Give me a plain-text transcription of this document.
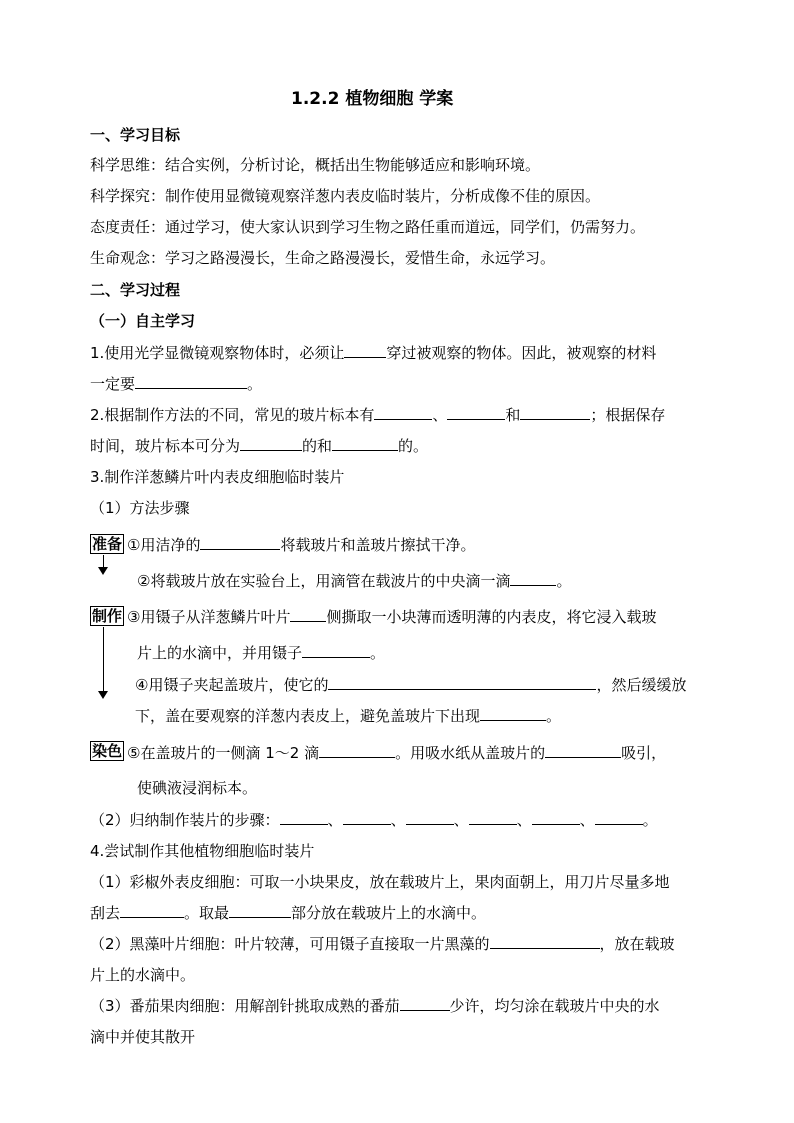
1.2.2 植物细胞 学案
一、学习目标
科学思维：结合实例，分析讨论，概括出生物能够适应和影响环境。
科学探究：制作使用显微镜观察洋葱内表皮临时装片，分析成像不佳的原因。
态度责任：通过学习，使大家认识到学习生物之路任重而道远，同学们，仍需努力。
生命观念：学习之路漫漫长，生命之路漫漫长，爱惜生命，永远学习。
二、学习过程
（一）自主学习
1.使用光学显微镜观察物体时，必须让	穿过被观察的物体。因此，被观察的材料
一定要	。
2.根据制作方法的不同，常见的玻片标本有	、	和	；根据保存
时间，玻片标本可分为	的和	的。
3.制作洋葱鳞片叶内表皮细胞临时装片
（1）方法步骤
准备 ①用洁净的	将载玻片和盖玻片擦拭干净。
②将载玻片放在实验台上，用滴管在载波片的中央滴一滴	。
制作 ③用镊子从洋葱鳞片叶片 侧撕取一小块薄而透明薄的内表皮，将它浸入载玻
片上的水滴中，并用镊子	。
④用镊子夹起盖玻片，使它的	，然后缓缓放
下，盖在要观察的洋葱内表皮上，避免盖玻片下出现	。
染色 ⑤在盖玻片的一侧滴 1～2 滴	。用吸水纸从盖玻片的	吸引，
使碘液浸润标本。
（2）归纳制作装片的步骤：	、	、	、	、	、	。
4.尝试制作其他植物细胞临时装片
（1）彩椒外表皮细胞：可取一小块果皮，放在载玻片上，果肉面朝上，用刀片尽量多地
刮去	。取最	部分放在载玻片上的水滴中。
（2）黑藻叶片细胞：叶片较薄，可用镊子直接取一片黑藻的	，放在载玻
片上的水滴中。
（3）番茄果肉细胞：用解剖针挑取成熟的番茄	少许，均匀涂在载玻片中央的水
滴中并使其散开
